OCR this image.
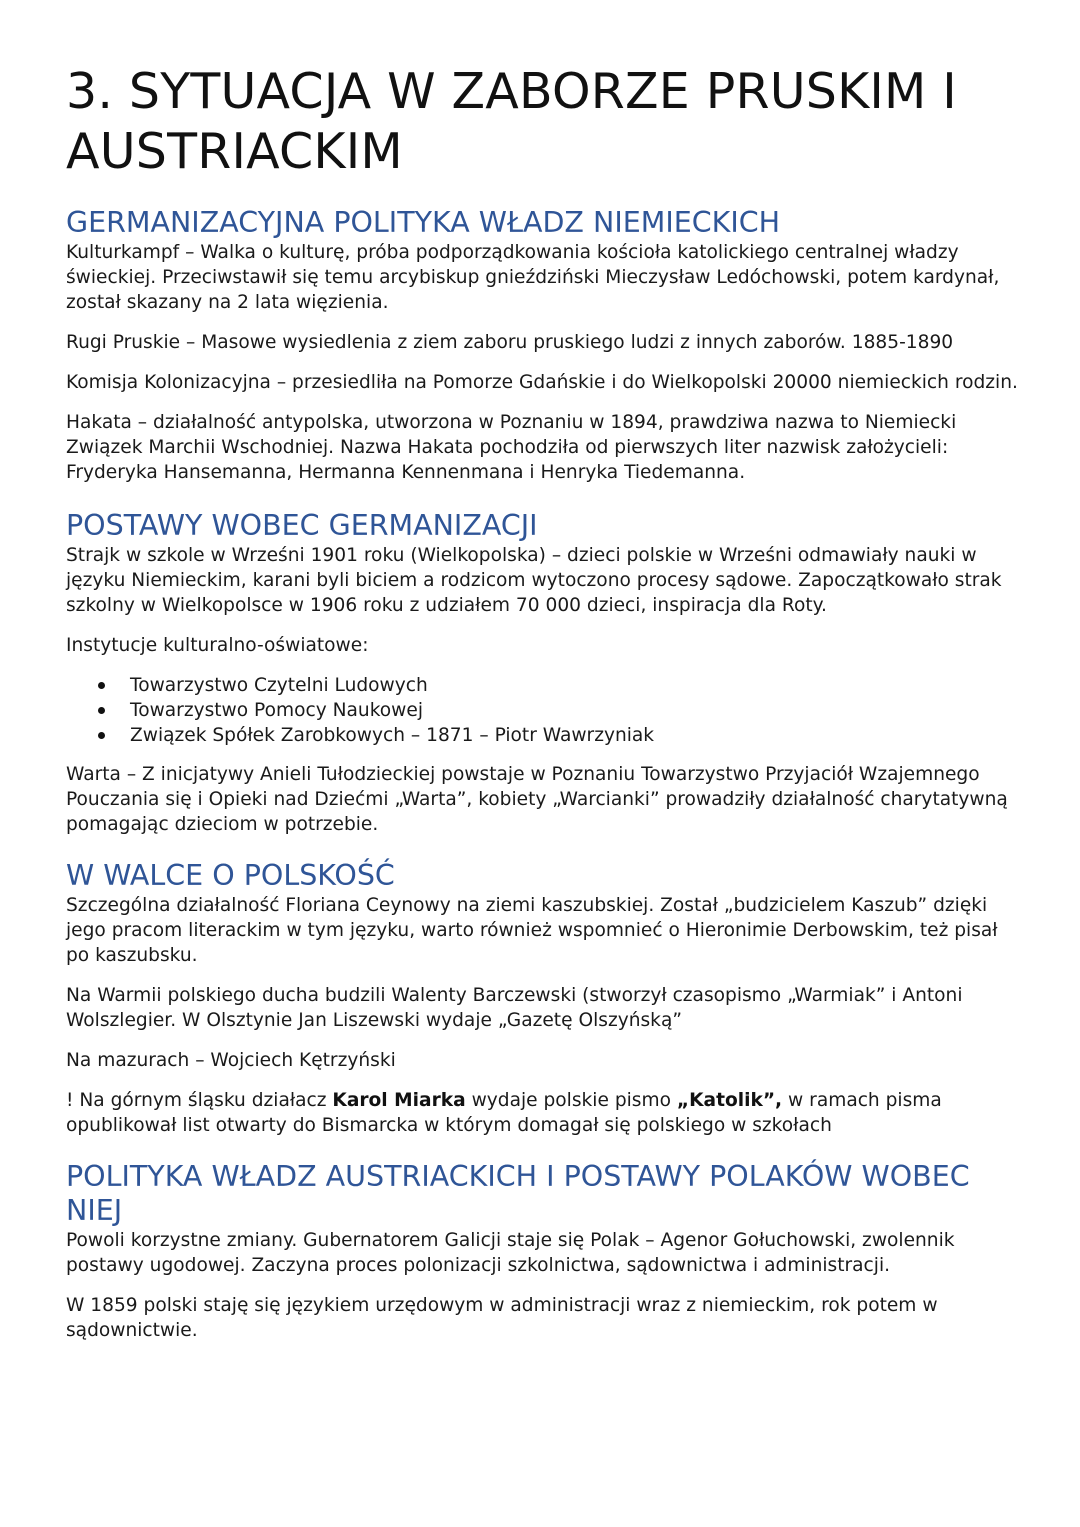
3. SYTUACJA W ZABORZE PRUSKIM I AUSTRIACKIM
GERMANIZACYJNA POLITYKA WŁADZ NIEMIECKICH

Kulturkampf – Walka o kulturę, próba podporządkowania kościoła katolickiego centralnej władzy świeckiej. Przeciwstawił się temu arcybiskup gnieździński Mieczysław Ledóchowski, potem kardynał, został skazany na 2 lata więzienia.

Rugi Pruskie – Masowe wysiedlenia z ziem zaboru pruskiego ludzi z innych zaborów. 1885-1890

Komisja Kolonizacyjna – przesiedliła na Pomorze Gdańskie i do Wielkopolski 20000 niemieckich rodzin.

Hakata – działalność antypolska, utworzona w Poznaniu w 1894, prawdziwa nazwa to Niemiecki Związek Marchii Wschodniej. Nazwa Hakata pochodziła od pierwszych liter nazwisk założycieli: Fryderyka Hansemanna, Hermanna Kennenmana i Henryka Tiedemanna.

POSTAWY WOBEC GERMANIZACJI

Strajk w szkole w Wrześni 1901 roku (Wielkopolska) – dzieci polskie w Wrześni odmawiały nauki w języku Niemieckim, karani byli biciem a rodzicom wytoczono procesy sądowe. Zapoczątkowało strak szkolny w Wielkopolsce w 1906 roku z udziałem 70 000 dzieci, inspiracja dla Roty.

Instytucje kulturalno-oświatowe:

Towarzystwo Czytelni Ludowych
Towarzystwo Pomocy Naukowej
Związek Spółek Zarobkowych – 1871 – Piotr Wawrzyniak

Warta – Z inicjatywy Anieli Tułodzieckiej powstaje w Poznaniu Towarzystwo Przyjaciół Wzajemnego Pouczania się i Opieki nad Dziećmi „Warta”, kobiety „Warcianki” prowadziły działalność charytatywną pomagając dzieciom w potrzebie.

W WALCE O POLSKOŚĆ

Szczególna działalność Floriana Ceynowy na ziemi kaszubskiej. Został „budzicielem Kaszub” dzięki jego pracom literackim w tym języku, warto również wspomnieć o Hieronimie Derbowskim, też pisał po kaszubsku.

Na Warmii polskiego ducha budzili Walenty Barczewski (stworzył czasopismo „Warmiak” i Antoni Wolszlegier. W Olsztynie Jan Liszewski wydaje „Gazetę Olszyńską”

Na mazurach – Wojciech Kętrzyński

! Na górnym śląsku działacz Karol Miarka wydaje polskie pismo „Katolik”, w ramach pisma opublikował list otwarty do Bismarcka w którym domagał się polskiego w szkołach

POLITYKA WŁADZ AUSTRIACKICH I POSTAWY POLAKÓW WOBEC NIEJ

Powoli korzystne zmiany. Gubernatorem Galicji staje się Polak – Agenor Gołuchowski, zwolennik postawy ugodowej. Zaczyna proces polonizacji szkolnictwa, sądownictwa i administracji.

W 1859 polski staję się językiem urzędowym w administracji wraz z niemieckim, rok potem w sądownictwie.
